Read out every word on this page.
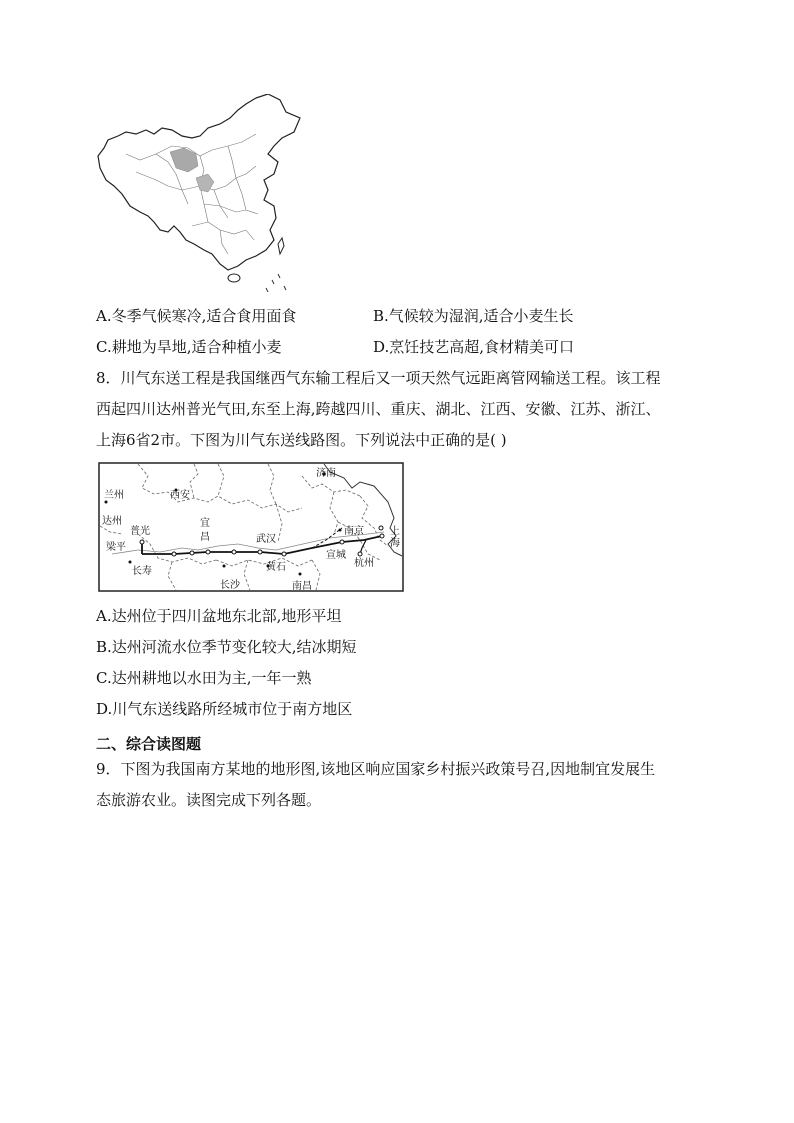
A.冬季气候寒冷,适合食用面食	B.气候较为湿润,适合小麦生长
C.耕地为旱地,适合种植小麦	D.烹饪技艺高超,食材精美可口
8．川气东送工程是我国继西气东输工程后又一项天然气远距离管网输送工程。该工程
西起四川达州普光气田,东至上海,跨越四川、重庆、湖北、江西、安徽、江苏、浙江、
上海6省2市。下图为川气东送线路图。下列说法中正确的是( )
济南
兰州	西安
达州
普光
梁平
宜
昌	武汉
南京	上
海
宣城
杭州
长寿	黄石
长沙	南昌
A.达州位于四川盆地东北部,地形平坦
B.达州河流水位季节变化较大,结冰期短
C.达州耕地以水田为主,一年一熟
D.川气东送线路所经城市位于南方地区
二、综合读图题
9．下图为我国南方某地的地形图,该地区响应国家乡村振兴政策号召,因地制宜发展生
态旅游农业。读图完成下列各题。
